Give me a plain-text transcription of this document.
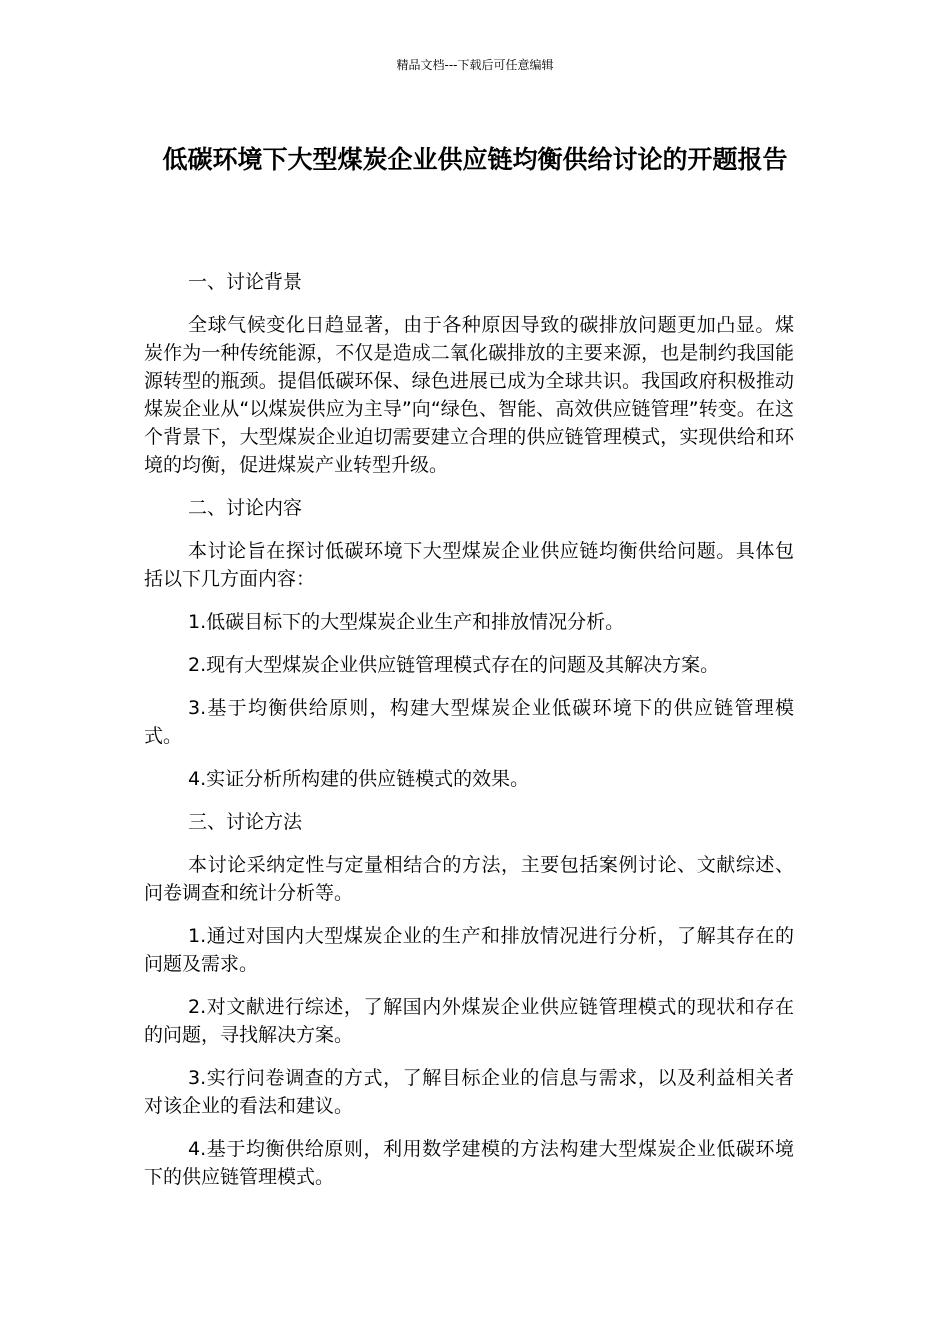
精品文档---下载后可任意编辑
低碳环境下大型煤炭企业供应链均衡供给讨论的开题报告

一、讨论背景

全球气候变化日趋显著，由于各种原因导致的碳排放问题更加凸显。煤炭作为一种传统能源，不仅是造成二氧化碳排放的主要来源，也是制约我国能源转型的瓶颈。提倡低碳环保、绿色进展已成为全球共识。我国政府积极推动煤炭企业从“以煤炭供应为主导”向“绿色、智能、高效供应链管理”转变。在这个背景下，大型煤炭企业迫切需要建立合理的供应链管理模式，实现供给和环境的均衡，促进煤炭产业转型升级。

二、讨论内容

本讨论旨在探讨低碳环境下大型煤炭企业供应链均衡供给问题。具体包括以下几方面内容：

1.低碳目标下的大型煤炭企业生产和排放情况分析。

2.现有大型煤炭企业供应链管理模式存在的问题及其解决方案。

3.基于均衡供给原则，构建大型煤炭企业低碳环境下的供应链管理模式。

4.实证分析所构建的供应链模式的效果。

三、讨论方法

本讨论采纳定性与定量相结合的方法，主要包括案例讨论、文献综述、问卷调查和统计分析等。

1.通过对国内大型煤炭企业的生产和排放情况进行分析，了解其存在的问题及需求。

2.对文献进行综述，了解国内外煤炭企业供应链管理模式的现状和存在的问题，寻找解决方案。

3.实行问卷调查的方式，了解目标企业的信息与需求，以及利益相关者对该企业的看法和建议。

4.基于均衡供给原则，利用数学建模的方法构建大型煤炭企业低碳环境下的供应链管理模式。
